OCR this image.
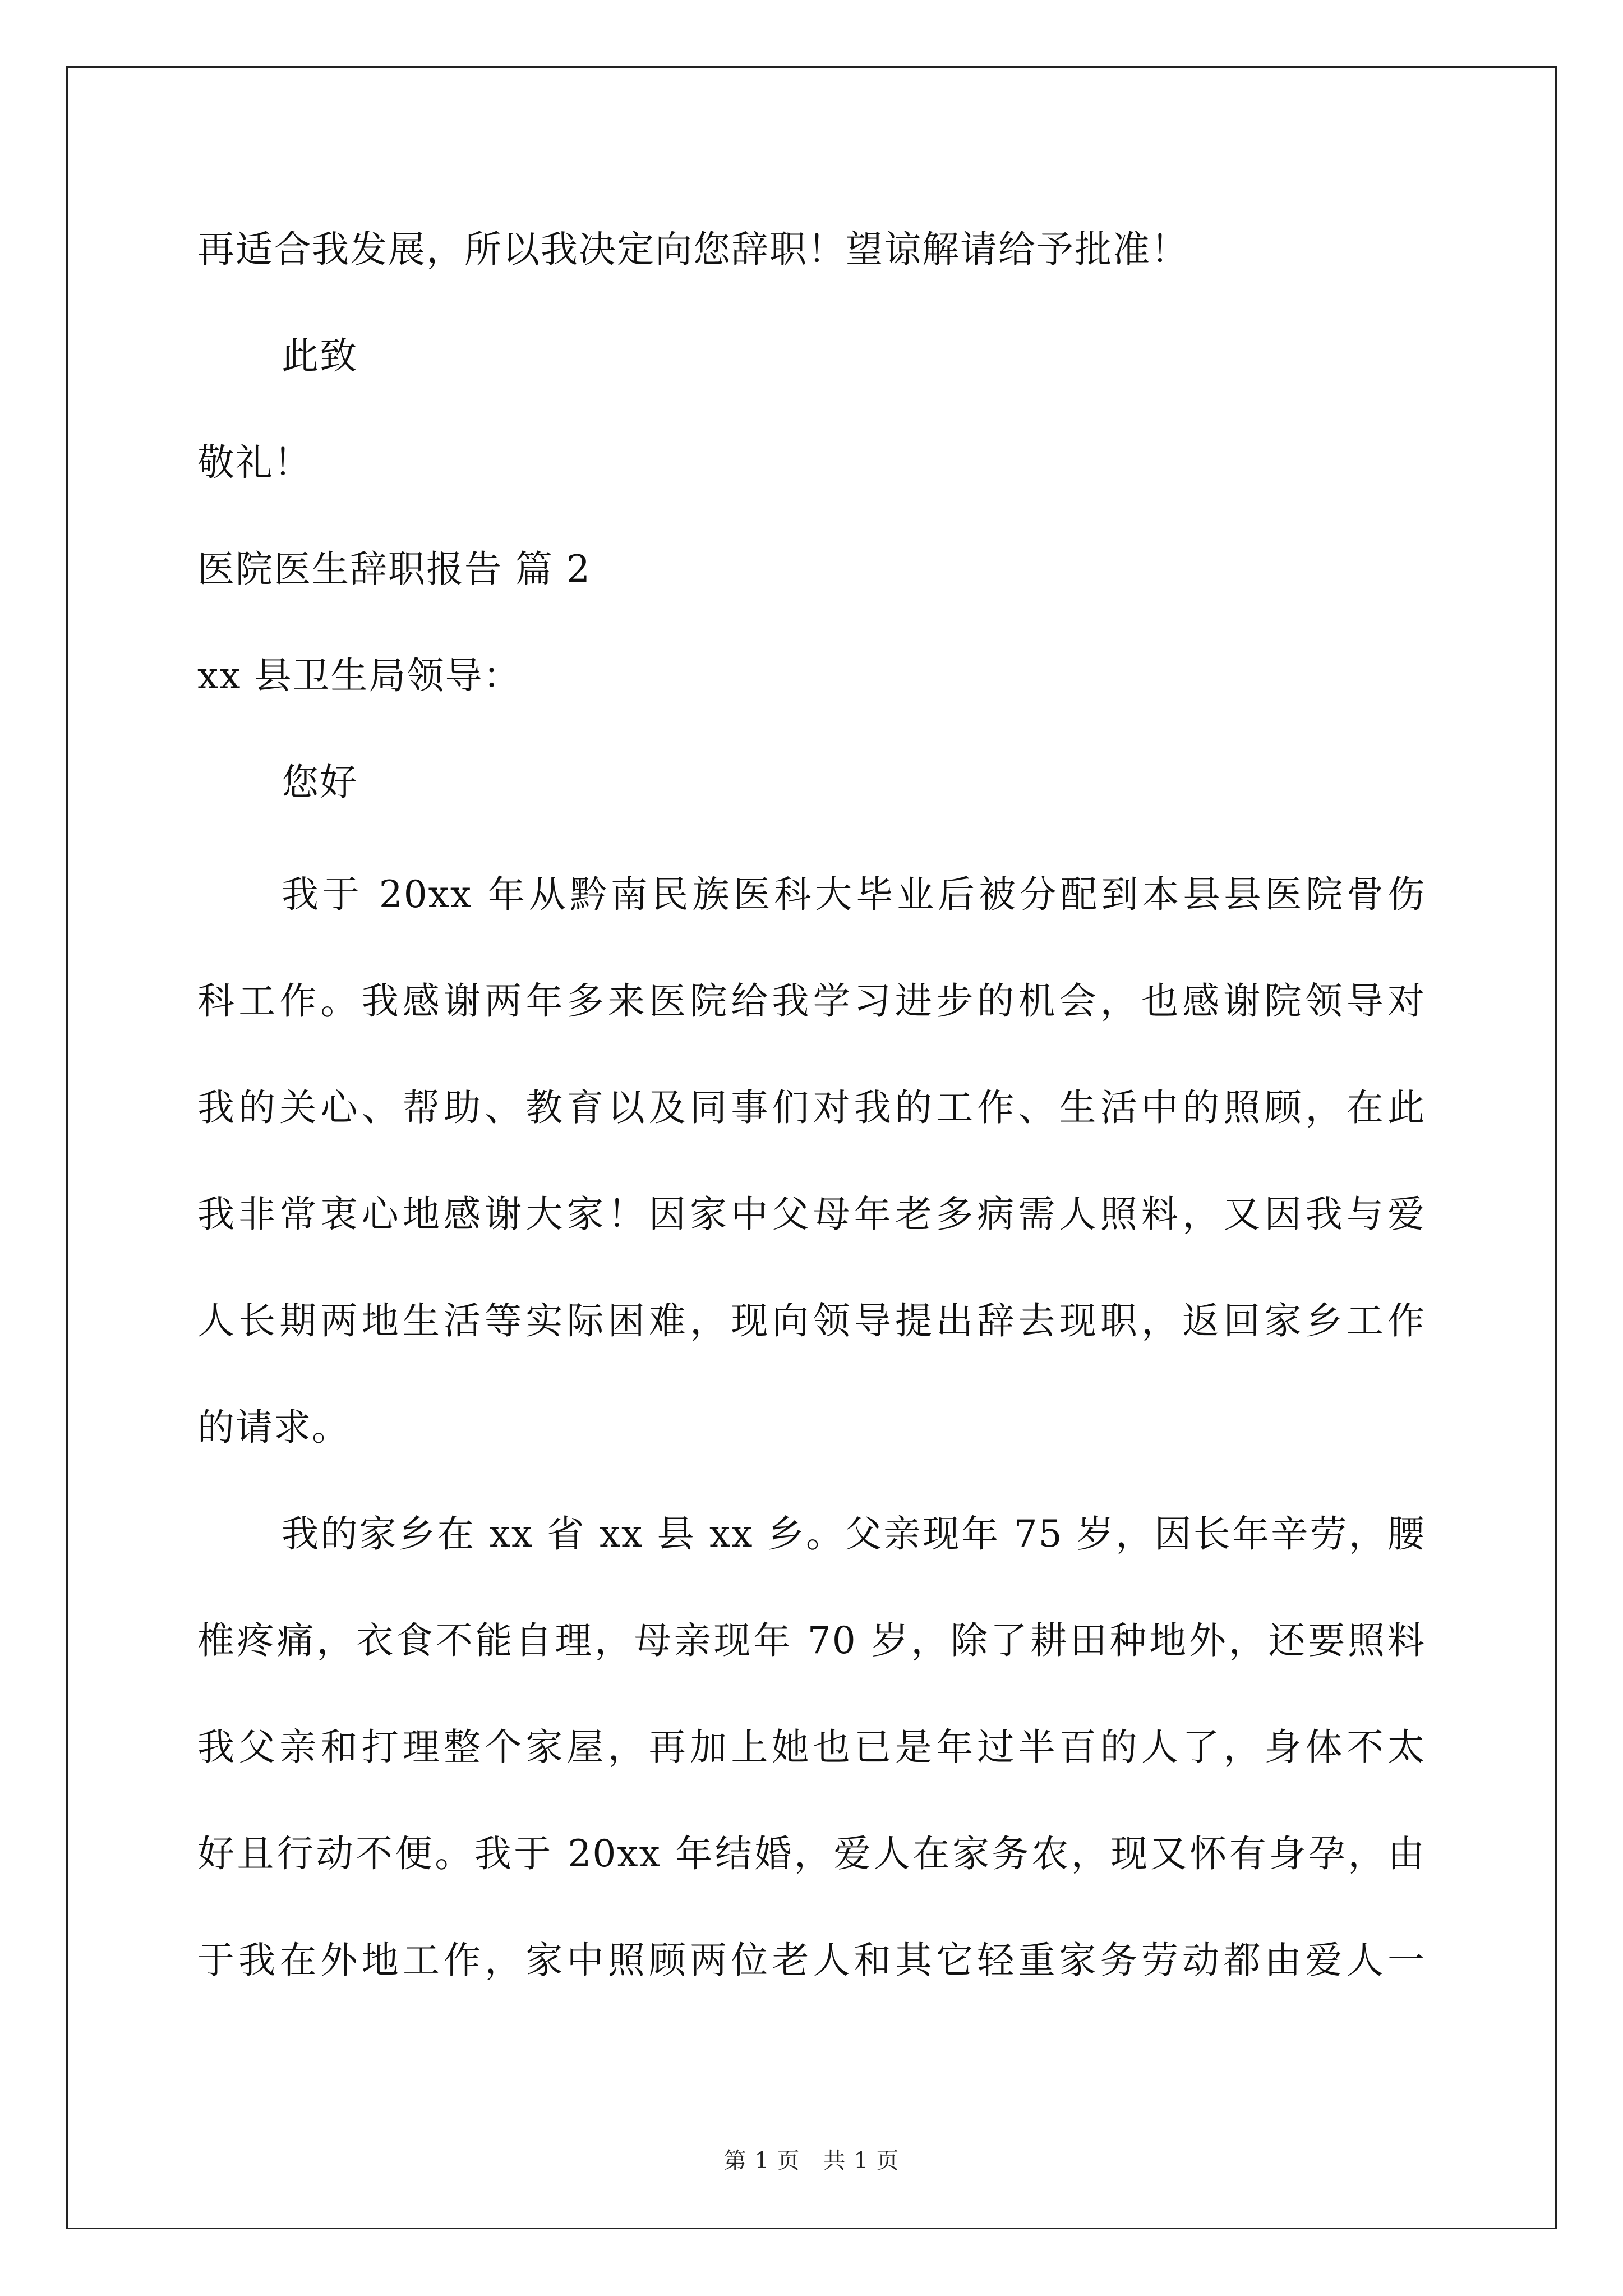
再适合我发展，所以我决定向您辞职！望谅解请给予批准！
此致
敬礼！
医院医生辞职报告 篇 2
xx 县卫生局领导：
您好
我于 20xx 年从黔南民族医科大毕业后被分配到本县县医院骨伤
科工作。我感谢两年多来医院给我学习进步的机会，也感谢院领导对
我的关心、帮助、教育以及同事们对我的工作、生活中的照顾，在此
我非常衷心地感谢大家！因家中父母年老多病需人照料，又因我与爱
人长期两地生活等实际困难，现向领导提出辞去现职，返回家乡工作
的请求。
我的家乡在 xx 省 xx 县 xx 乡。父亲现年 75 岁，因长年辛劳，腰
椎疼痛，衣食不能自理，母亲现年 70 岁，除了耕田种地外，还要照料
我父亲和打理整个家屋，再加上她也已是年过半百的人了，身体不太
好且行动不便。我于 20xx 年结婚，爱人在家务农，现又怀有身孕，由
于我在外地工作，家中照顾两位老人和其它轻重家务劳动都由爱人一
第 1 页　共 1 页
